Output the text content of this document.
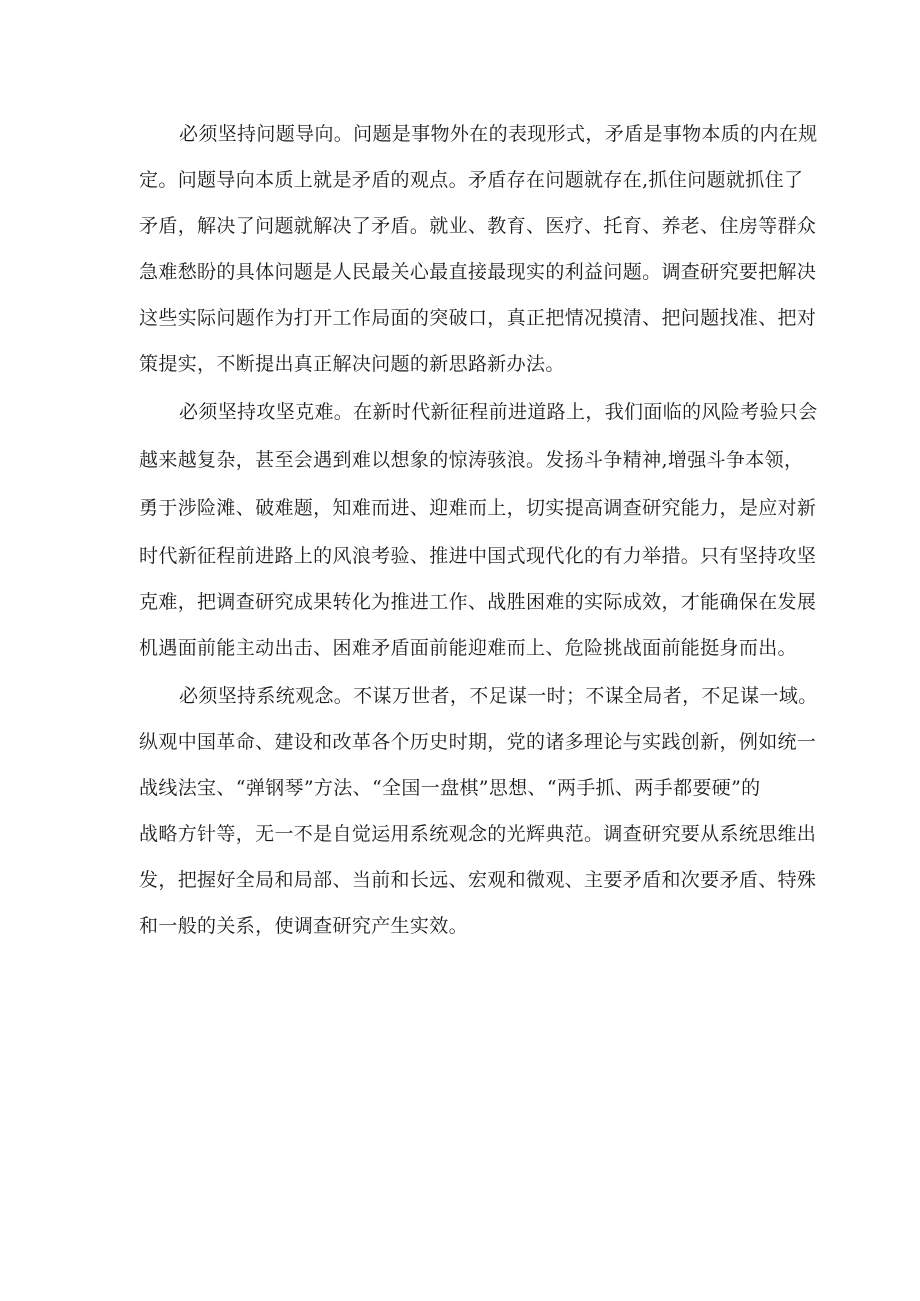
必须坚持问题导向。问题是事物外在的表现形式，矛盾是事物本质的内在规
定。问题导向本质上就是矛盾的观点。矛盾存在问题就存在,抓住问题就抓住了
矛盾，解决了问题就解决了矛盾。就业、教育、医疗、托育、养老、住房等群众
急难愁盼的具体问题是人民最关心最直接最现实的利益问题。调查研究要把解决
这些实际问题作为打开工作局面的突破口，真正把情况摸清、把问题找准、把对
策提实，不断提出真正解决问题的新思路新办法。
必须坚持攻坚克难。在新时代新征程前进道路上，我们面临的风险考验只会
越来越复杂，甚至会遇到难以想象的惊涛骇浪。发扬斗争精神,增强斗争本领，
勇于涉险滩、破难题，知难而进、迎难而上，切实提高调查研究能力，是应对新
时代新征程前进路上的风浪考验、推进中国式现代化的有力举措。只有坚持攻坚
克难，把调查研究成果转化为推进工作、战胜困难的实际成效，才能确保在发展
机遇面前能主动出击、困难矛盾面前能迎难而上、危险挑战面前能挺身而出。
必须坚持系统观念。不谋万世者，不足谋一时；不谋全局者，不足谋一域。
纵观中国革命、建设和改革各个历史时期，党的诸多理论与实践创新，例如统一
战线法宝、“弹钢琴”方法、“全国一盘棋”思想、“两手抓、两手都要硬”的
战略方针等，无一不是自觉运用系统观念的光辉典范。调查研究要从系统思维出
发，把握好全局和局部、当前和长远、宏观和微观、主要矛盾和次要矛盾、特殊
和一般的关系，使调查研究产生实效。
